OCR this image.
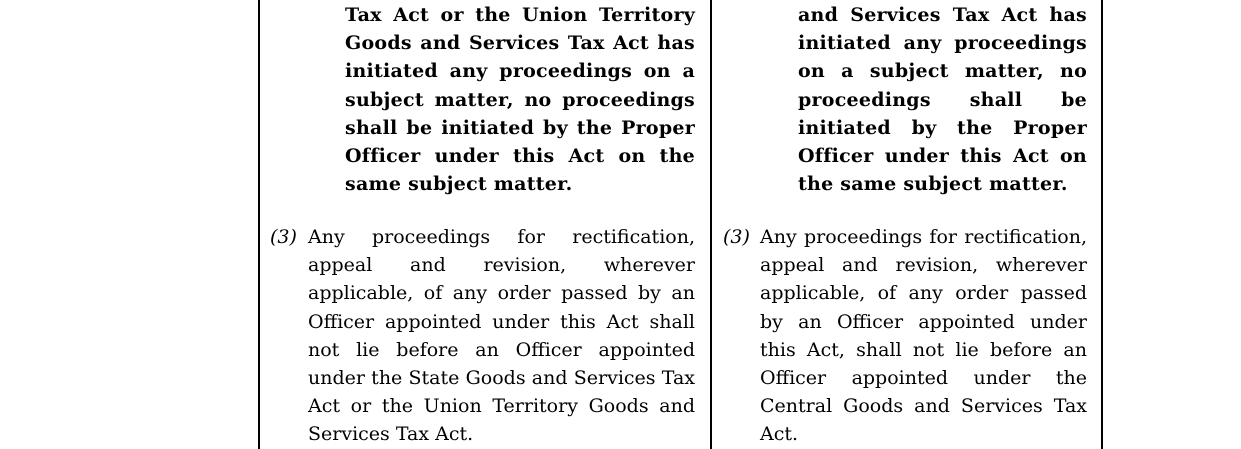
Tax Act or the Union Territory Goods and Services Tax Act has initiated any proceedings on a subject matter, no proceedings shall be initiated by the Proper Officer under this Act on the same subject matter.

(3) Any proceedings for rectification, appeal and revision, wherever applicable, of any order passed by an Officer appointed under this Act shall not lie before an Officer appointed under the State Goods and Services Tax Act or the Union Territory Goods and Services Tax Act.

and Services Tax Act has initiated any proceedings on a subject matter, no proceedings shall be initiated by the Proper Officer under this Act on the same subject matter.

(3) Any proceedings for rectification, appeal and revision, wherever applicable, of any order passed by an Officer appointed under this Act, shall not lie before an Officer appointed under the Central Goods and Services Tax Act.
